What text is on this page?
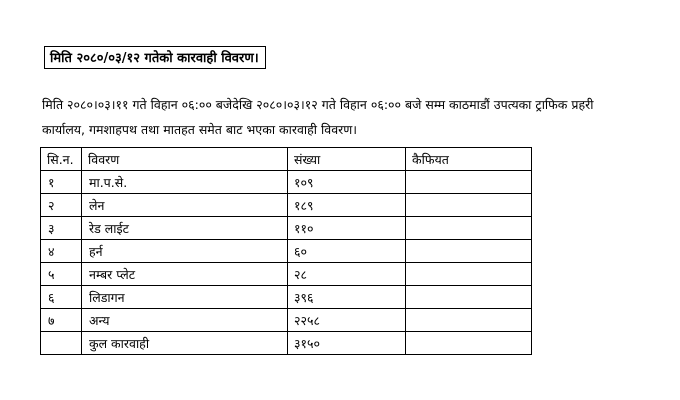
मिति २०८०/०३/१२ गतेको कारवाही विवरण।

मिति २०८०।०३।११ गते विहान ०६:०० बजेदेखि २०८०।०३।१२ गते विहान ०६:०० बजे सम्म काठमाडौं उपत्यका ट्राफिक प्रहरी

कार्यालय, गमशाहपथ तथा मातहत समेत बाट भएका कारवाही विवरण।

सि.न.	विवरण	संख्या	कैफियत
१	मा.प.से.	१०९	
२	लेन	१८९	
३	रेड लाईट	११०	
४	हर्न	६०	
५	नम्बर प्लेट	२८	
६	लिडागन	३९६	
७	अन्य	२२५८	
	कुल कारवाही	३१५०	
